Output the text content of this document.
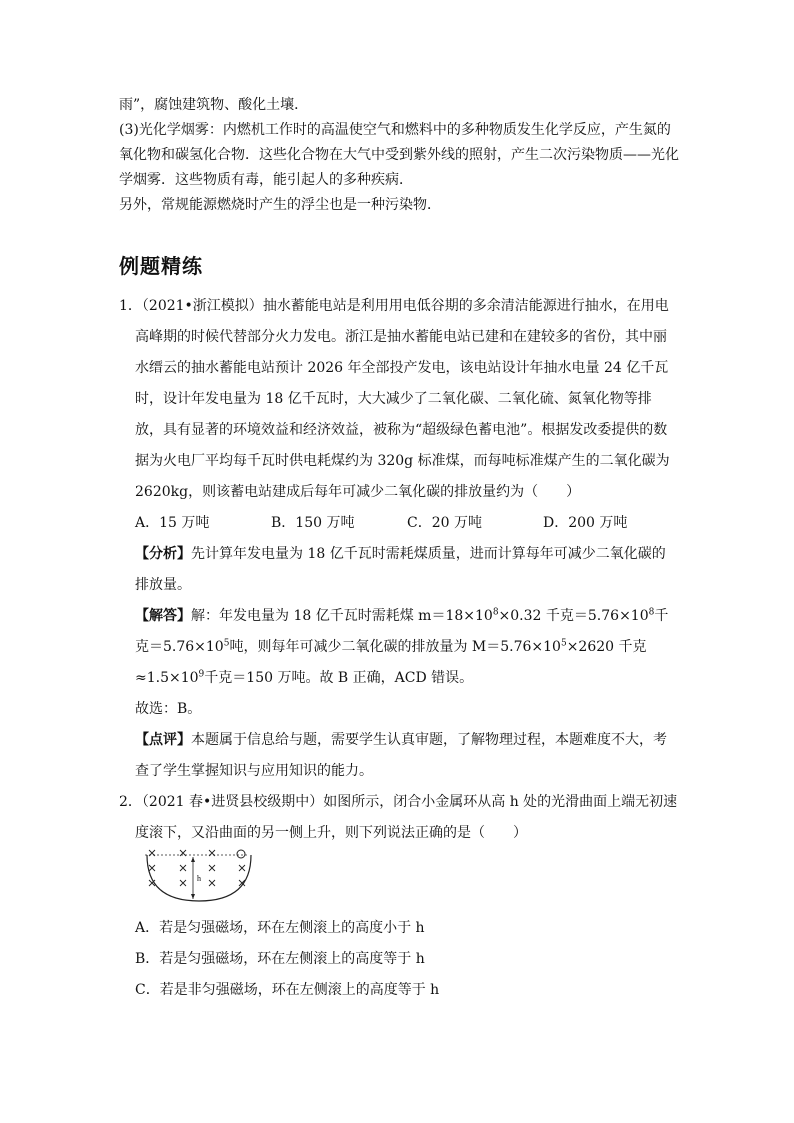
雨”，腐蚀建筑物、酸化土壤．

(3)光化学烟雾：内燃机工作时的高温使空气和燃料中的多种物质发生化学反应，产生氮的氧化物和碳氢化合物．这些化合物在大气中受到紫外线的照射，产生二次污染物质——光化学烟雾．这些物质有毒，能引起人的多种疾病．

另外，常规能源燃烧时产生的浮尘也是一种污染物．

例题精练

1．（2021•浙江模拟）抽水蓄能电站是利用用电低谷期的多余清洁能源进行抽水，在用电高峰期的时候代替部分火力发电。浙江是抽水蓄能电站已建和在建较多的省份，其中丽水缙云的抽水蓄能电站预计 2026 年全部投产发电，该电站设计年抽水电量 24 亿千瓦时，设计年发电量为 18 亿千瓦时，大大减少了二氧化碳、二氧化硫、氮氧化物等排放，具有显著的环境效益和经济效益，被称为“超级绿色蓄电池”。根据发改委提供的数据为火电厂平均每千瓦时供电耗煤约为 320g 标准煤，而每吨标准煤产生的二氧化碳为 2620kg，则该蓄电站建成后每年可减少二氧化碳的排放量约为（　　）

A．15 万吨	B．150 万吨	C．20 万吨	D．200 万吨

【分析】先计算年发电量为 18 亿千瓦时需耗煤质量，进而计算每年可减少二氧化碳的排放量。

【解答】解：年发电量为 18 亿千瓦时需耗煤 $m=18\times 10^8\times 0.32$ 千克$=5.76\times 10^8$千克$=5.76\times 10^5$吨，则每年可减少二氧化碳的排放量为 $M=5.76\times 10^5\times 2620$ 千克$\approx 1.5\times 10^9$千克＝150 万吨。故 B 正确，ACD 错误。

故选：B。

【点评】本题属于信息给与题，需要学生认真审题，了解物理过程，本题难度不大，考查了学生掌握知识与应用知识的能力。

2．（2021 春•进贤县校级期中）如图所示，闭合小金属环从高 h 处的光滑曲面上端无初速度滚下，又沿曲面的另一侧上升，则下列说法正确的是（　　）

h

A．若是匀强磁场，环在左侧滚上的高度小于 h

B．若是匀强磁场，环在左侧滚上的高度等于 h

C．若是非匀强磁场，环在左侧滚上的高度等于 h
